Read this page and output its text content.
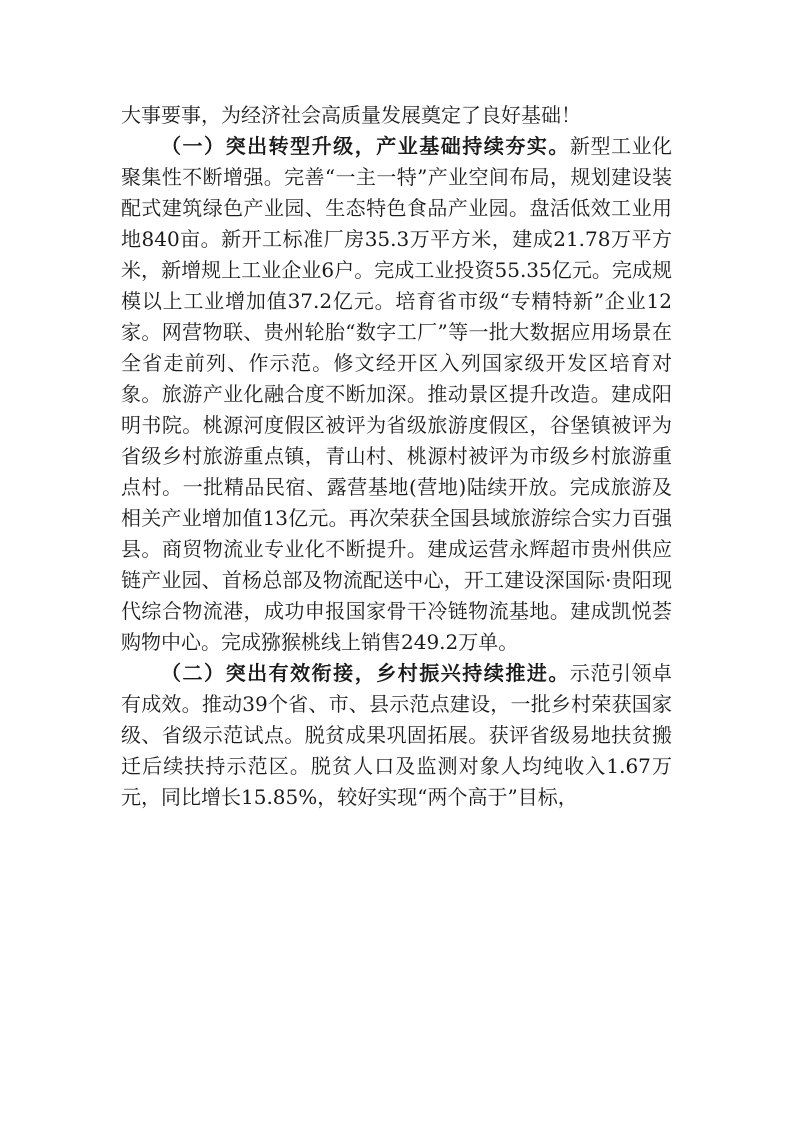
大事要事，为经济社会高质量发展奠定了良好基础！

（一）突出转型升级，产业基础持续夯实。新型工业化聚集性不断增强。完善“一主一特”产业空间布局，规划建设装配式建筑绿色产业园、生态特色食品产业园。盘活低效工业用地840亩。新开工标准厂房35.3万平方米，建成21.78万平方米，新增规上工业企业6户。完成工业投资55.35亿元。完成规模以上工业增加值37.2亿元。培育省市级“专精特新”企业12家。网营物联、贵州轮胎“数字工厂”等一批大数据应用场景在全省走前列、作示范。修文经开区入列国家级开发区培育对象。旅游产业化融合度不断加深。推动景区提升改造。建成阳明书院。桃源河度假区被评为省级旅游度假区，谷堡镇被评为省级乡村旅游重点镇，青山村、桃源村被评为市级乡村旅游重点村。一批精品民宿、露营基地(营地)陆续开放。完成旅游及相关产业增加值13亿元。再次荣获全国县域旅游综合实力百强县。商贸物流业专业化不断提升。建成运营永辉超市贵州供应链产业园、首杨总部及物流配送中心，开工建设深国际·贵阳现代综合物流港，成功申报国家骨干冷链物流基地。建成凯悦荟购物中心。完成猕猴桃线上销售249.2万单。

（二）突出有效衔接，乡村振兴持续推进。示范引领卓有成效。推动39个省、市、县示范点建设，一批乡村荣获国家级、省级示范试点。脱贫成果巩固拓展。获评省级易地扶贫搬迁后续扶持示范区。脱贫人口及监测对象人均纯收入1.67万元，同比增长15.85%，较好实现“两个高于”目标，
